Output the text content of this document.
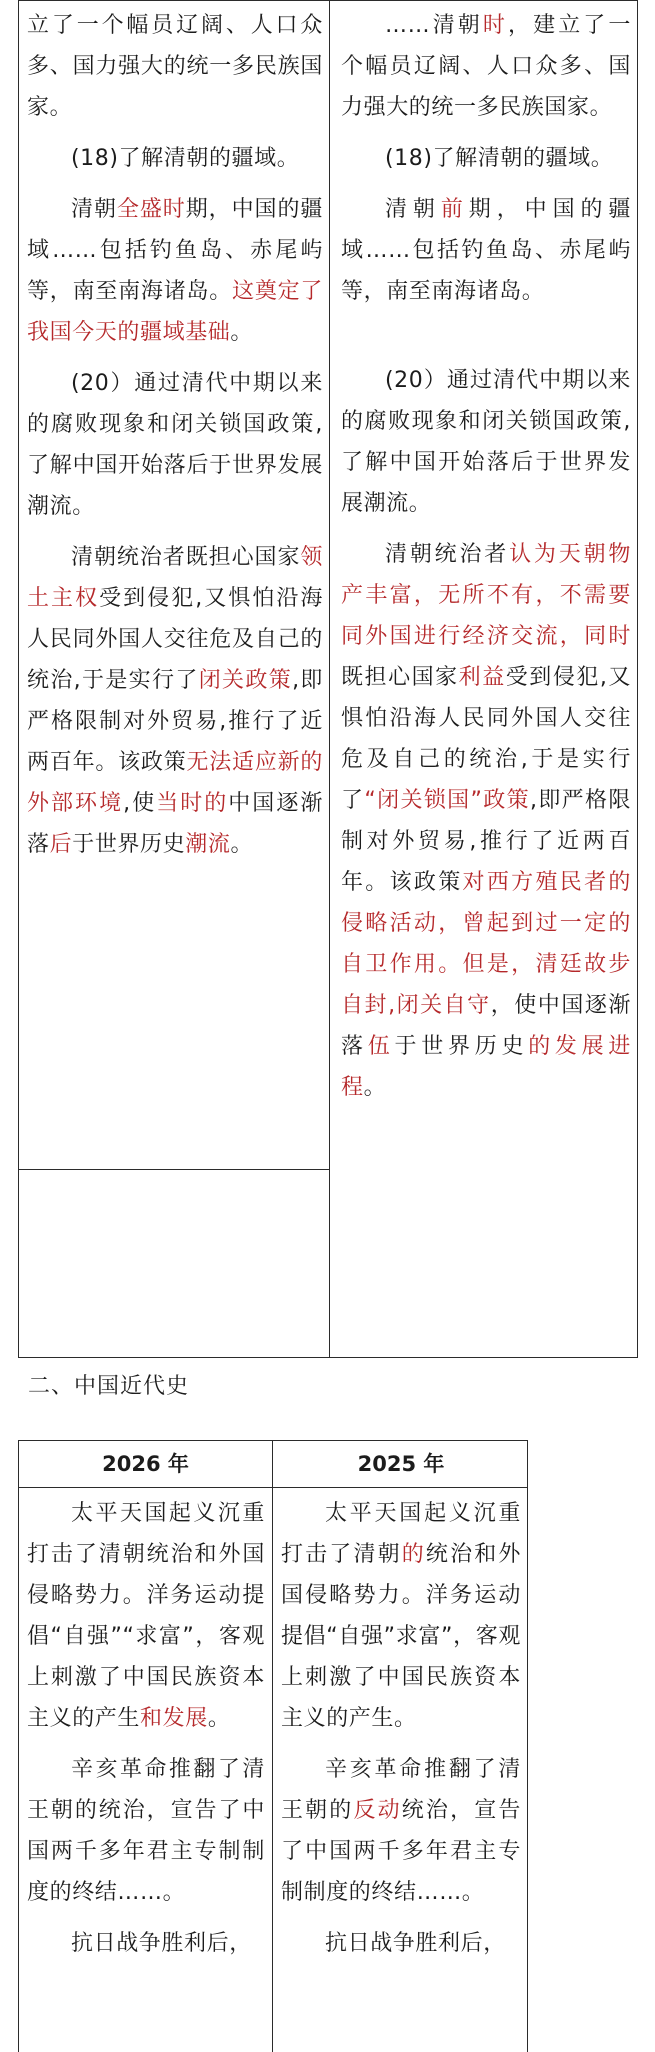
立了一个幅员辽阔、人口众多、国力强大的统一多民族国家。

(18)了解清朝的疆域。

清朝全盛时期，中国的疆域……包括钓鱼岛、赤尾屿等，南至南海诸岛。这奠定了我国今天的疆域基础。

(20）通过清代中期以来的腐败现象和闭关锁国政策,了解中国开始落后于世界发展潮流。

清朝统治者既担心国家领土主权受到侵犯,又惧怕沿海人民同外国人交往危及自己的统治,于是实行了闭关政策,即严格限制对外贸易,推行了近两百年。该政策无法适应新的外部环境,使当时的中国逐渐落后于世界历史潮流。

……清朝时，建立了一个幅员辽阔、人口众多、国力强大的统一多民族国家。

(18)了解清朝的疆域。

清朝前期，中国的疆域……包括钓鱼岛、赤尾屿等，南至南海诸岛。

(20）通过清代中期以来的腐败现象和闭关锁国政策,了解中国开始落后于世界发展潮流。

清朝统治者认为天朝物产丰富，无所不有，不需要同外国进行经济交流，同时既担心国家利益受到侵犯,又惧怕沿海人民同外国人交往危及自己的统治,于是实行了“闭关锁国”政策,即严格限制对外贸易,推行了近两百年。该政策对西方殖民者的侵略活动，曾起到过一定的自卫作用。但是，清廷故步自封,闭关自守，使中国逐渐落伍于世界历史的发展进程。

二、中国近代史
2026 年	2025 年

太平天国起义沉重打击了清朝统治和外国侵略势力。洋务运动提倡“自强”“求富”，客观上刺激了中国民族资本主义的产生和发展。

辛亥革命推翻了清王朝的统治，宣告了中国两千多年君主专制制度的终结……。

抗日战争胜利后，

太平天国起义沉重打击了清朝的统治和外国侵略势力。洋务运动提倡“自强”求富”，客观上刺激了中国民族资本主义的产生。

辛亥革命推翻了清王朝的反动统治，宣告了中国两千多年君主专制制度的终结……。

抗日战争胜利后，
